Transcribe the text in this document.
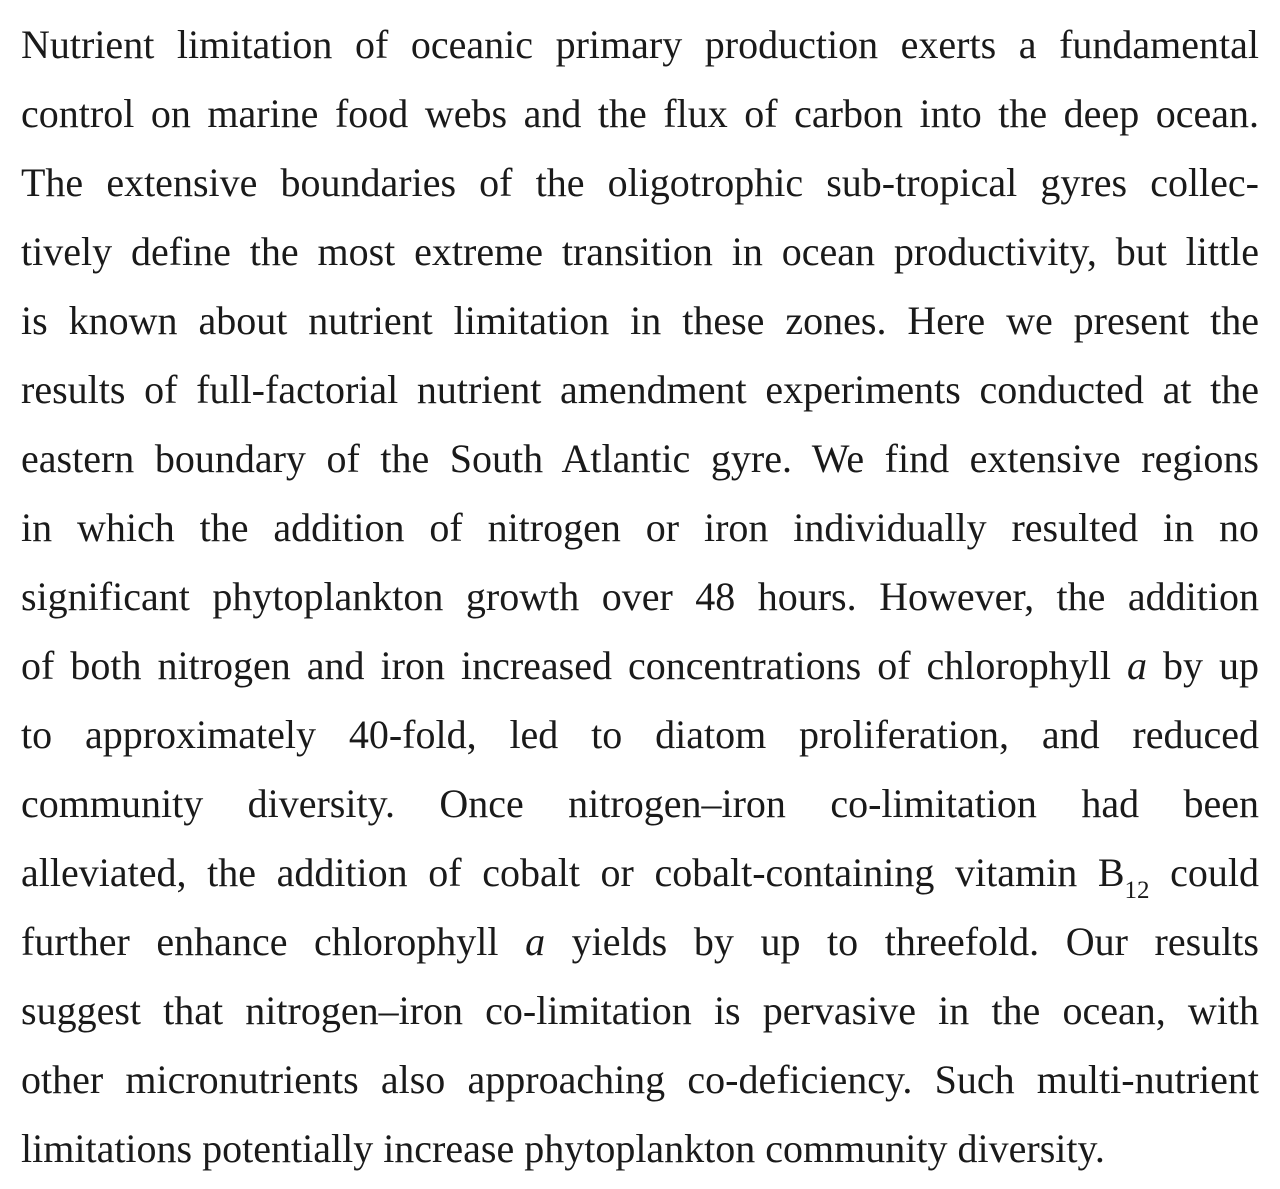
Nutrient limitation of oceanic primary production exerts a fundamental
control on marine food webs and the flux of carbon into the deep ocean.
The extensive boundaries of the oligotrophic sub-tropical gyres collec-
tively define the most extreme transition in ocean productivity, but little
is known about nutrient limitation in these zones. Here we present the
results of full-factorial nutrient amendment experiments conducted at the
eastern boundary of the South Atlantic gyre. We find extensive regions
in which the addition of nitrogen or iron individually resulted in no
significant phytoplankton growth over 48 hours. However, the addition
of both nitrogen and iron increased concentrations of chlorophyll a by up
to approximately 40-fold, led to diatom proliferation, and reduced
community diversity. Once nitrogen–iron co-limitation had been
alleviated, the addition of cobalt or cobalt-containing vitamin $B_{12}$ could
further enhance chlorophyll a yields by up to threefold. Our results
suggest that nitrogen–iron co-limitation is pervasive in the ocean, with
other micronutrients also approaching co-deficiency. Such multi-nutrient
limitations potentially increase phytoplankton community diversity.
